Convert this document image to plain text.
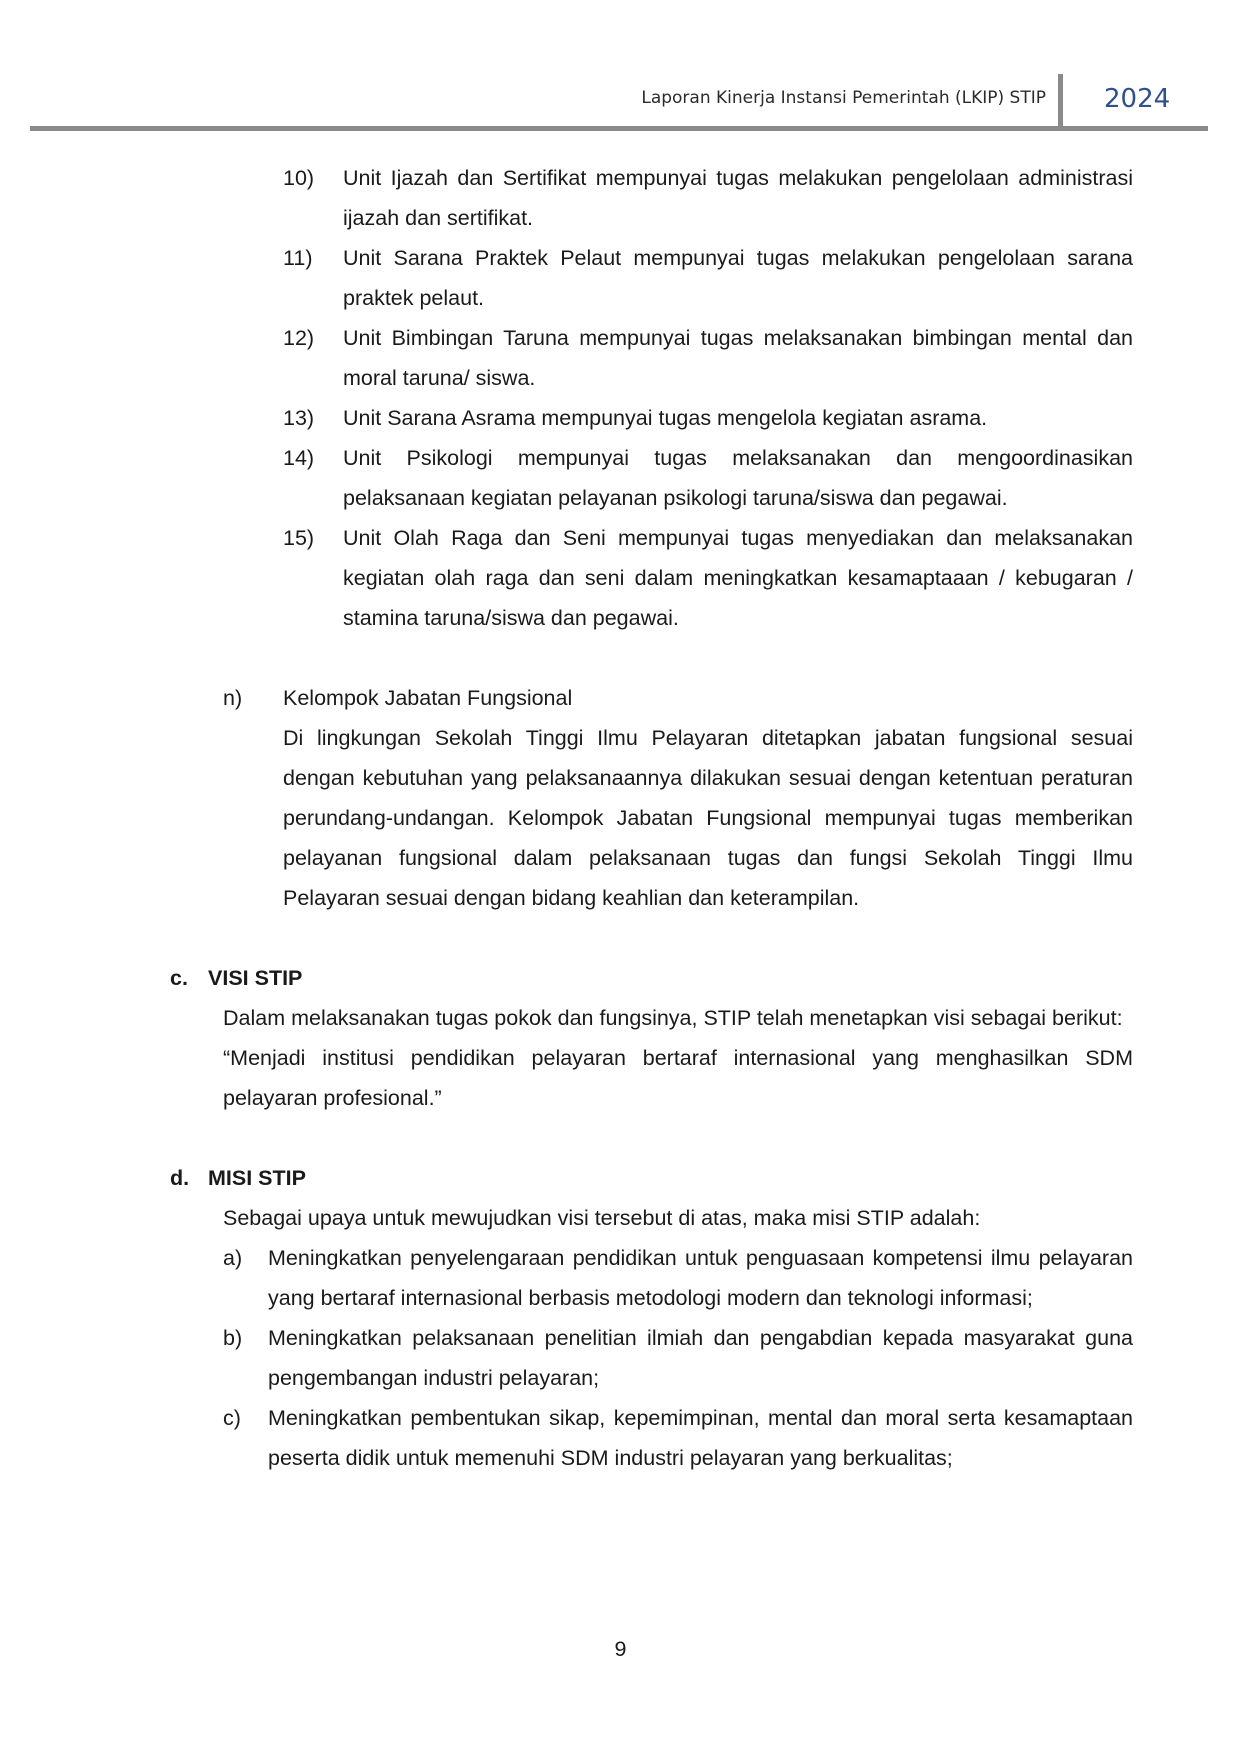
Laporan Kinerja Instansi Pemerintah (LKIP) STIP 2024
10) Unit Ijazah dan Sertifikat mempunyai tugas melakukan pengelolaan administrasi ijazah dan sertifikat.
11) Unit Sarana Praktek Pelaut mempunyai tugas melakukan pengelolaan sarana praktek pelaut.
12) Unit Bimbingan Taruna mempunyai tugas melaksanakan bimbingan mental dan moral taruna/ siswa.
13) Unit Sarana Asrama mempunyai tugas mengelola kegiatan asrama.
14) Unit Psikologi mempunyai tugas melaksanakan dan mengoordinasikan pelaksanaan kegiatan pelayanan psikologi taruna/siswa dan pegawai.
15) Unit Olah Raga dan Seni mempunyai tugas menyediakan dan melaksanakan kegiatan olah raga dan seni dalam meningkatkan kesamaptaaan / kebugaran / stamina taruna/siswa dan pegawai.
n) Kelompok Jabatan Fungsional
Di lingkungan Sekolah Tinggi Ilmu Pelayaran ditetapkan jabatan fungsional sesuai dengan kebutuhan yang pelaksanaannya dilakukan sesuai dengan ketentuan peraturan perundang-undangan. Kelompok Jabatan Fungsional mempunyai tugas memberikan pelayanan fungsional dalam pelaksanaan tugas dan fungsi Sekolah Tinggi Ilmu Pelayaran sesuai dengan bidang keahlian dan keterampilan.
c. VISI STIP
Dalam melaksanakan tugas pokok dan fungsinya, STIP telah menetapkan visi sebagai berikut:
“Menjadi institusi pendidikan pelayaran bertaraf internasional yang menghasilkan SDM pelayaran profesional.”
d. MISI STIP
Sebagai upaya untuk mewujudkan visi tersebut di atas, maka misi STIP adalah:
a) Meningkatkan penyelengaraan pendidikan untuk penguasaan kompetensi ilmu pelayaran yang bertaraf internasional berbasis metodologi modern dan teknologi informasi;
b) Meningkatkan pelaksanaan penelitian ilmiah dan pengabdian kepada masyarakat guna pengembangan industri pelayaran;
c) Meningkatkan pembentukan sikap, kepemimpinan, mental dan moral serta kesamaptaan peserta didik untuk memenuhi SDM industri pelayaran yang berkualitas;
9
